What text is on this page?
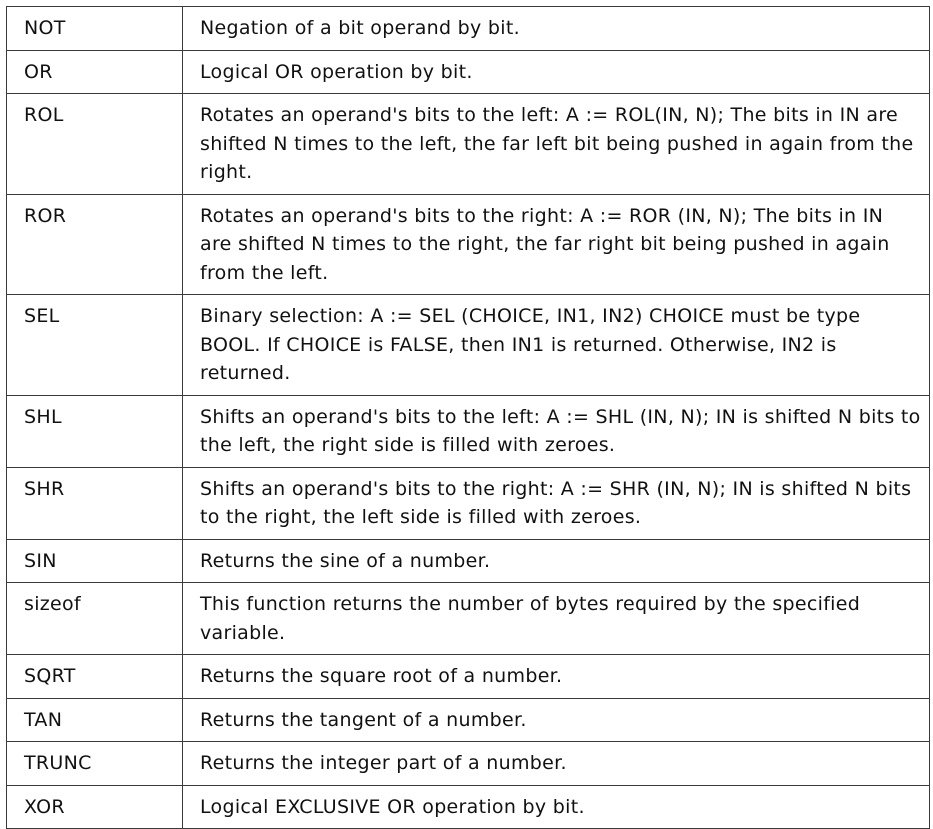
NOT	Negation of a bit operand by bit.
OR	Logical OR operation by bit.
ROL	Rotates an operand's bits to the left: A := ROL(IN, N); The bits in IN are shifted N times to the left, the far left bit being pushed in again from the right.
ROR	Rotates an operand's bits to the right: A := ROR (IN, N); The bits in IN are shifted N times to the right, the far right bit being pushed in again from the left.
SEL	Binary selection: A := SEL (CHOICE, IN1, IN2) CHOICE must be type BOOL. If CHOICE is FALSE, then IN1 is returned. Otherwise, IN2 is returned.
SHL	Shifts an operand's bits to the left: A := SHL (IN, N); IN is shifted N bits to the left, the right side is filled with zeroes.
SHR	Shifts an operand's bits to the right: A := SHR (IN, N); IN is shifted N bits to the right, the left side is filled with zeroes.
SIN	Returns the sine of a number.
sizeof	This function returns the number of bytes required by the specified variable.
SQRT	Returns the square root of a number.
TAN	Returns the tangent of a number.
TRUNC	Returns the integer part of a number.
XOR	Logical EXCLUSIVE OR operation by bit.
